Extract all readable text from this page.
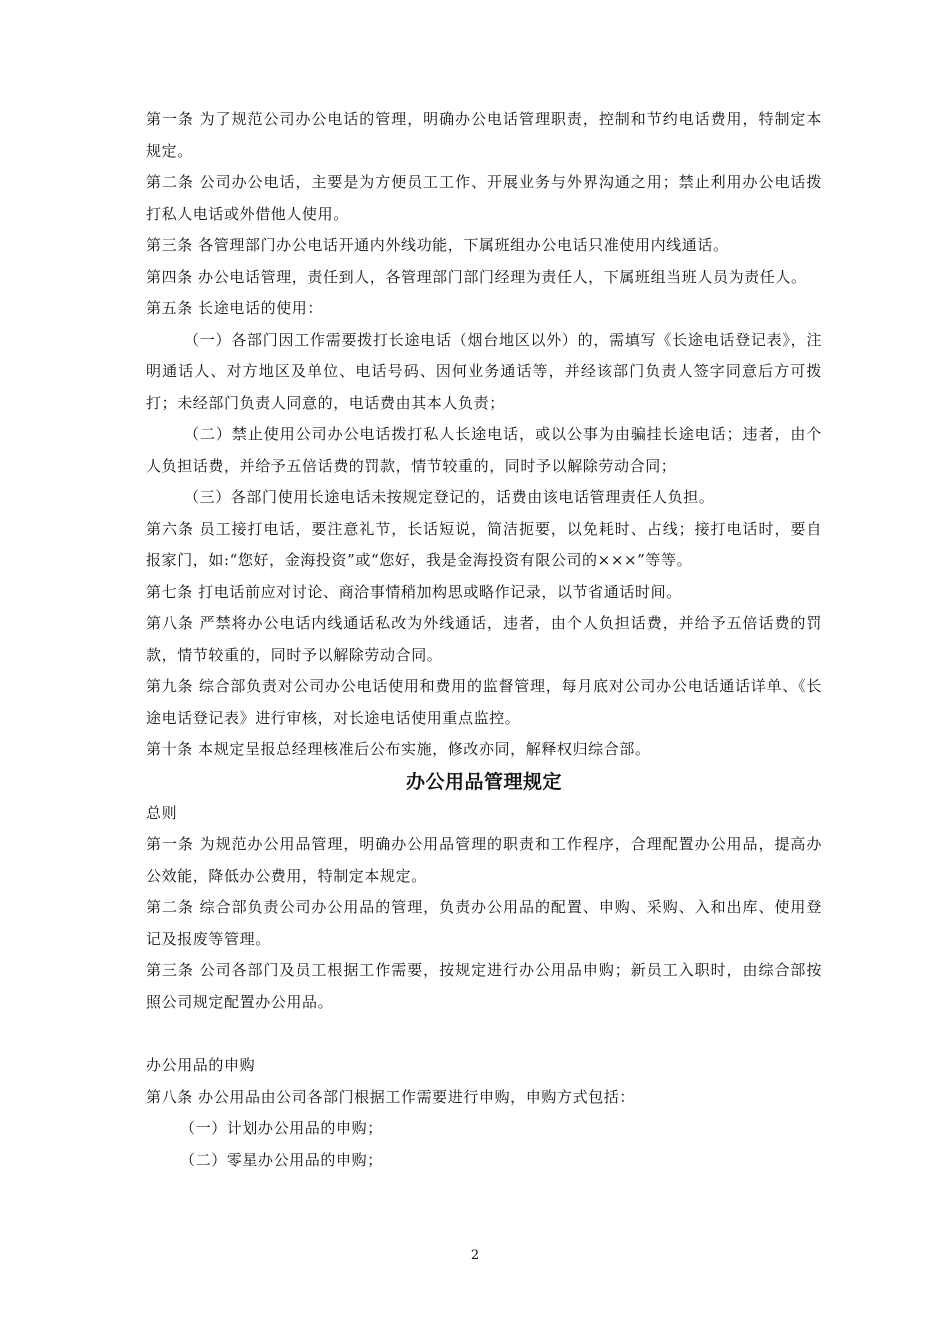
第一条 为了规范公司办公电话的管理，明确办公电话管理职责，控制和节约电话费用，特制定本规定。

第二条 公司办公电话，主要是为方便员工工作、开展业务与外界沟通之用；禁止利用办公电话拨打私人电话或外借他人使用。

第三条 各管理部门办公电话开通内外线功能，下属班组办公电话只准使用内线通话。

第四条 办公电话管理，责任到人，各管理部门部门经理为责任人，下属班组当班人员为责任人。

第五条 长途电话的使用：

（一）各部门因工作需要拨打长途电话（烟台地区以外）的，需填写《长途电话登记表》，注明通话人、对方地区及单位、电话号码、因何业务通话等，并经该部门负责人签字同意后方可拨打；未经部门负责人同意的，电话费由其本人负责；

（二）禁止使用公司办公电话拨打私人长途电话，或以公事为由骗挂长途电话；违者，由个人负担话费，并给予五倍话费的罚款，情节较重的，同时予以解除劳动合同；

（三）各部门使用长途电话未按规定登记的，话费由该电话管理责任人负担。

第六条 员工接打电话，要注意礼节，长话短说，简洁扼要，以免耗时、占线；接打电话时，要自报家门，如:“您好，金海投资”或“您好，我是金海投资有限公司的×××”等等。

第七条 打电话前应对讨论、商洽事情稍加构思或略作记录，以节省通话时间。

第八条 严禁将办公电话内线通话私改为外线通话，违者，由个人负担话费，并给予五倍话费的罚款，情节较重的，同时予以解除劳动合同。

第九条 综合部负责对公司办公电话使用和费用的监督管理，每月底对公司办公电话通话详单、《长途电话登记表》进行审核，对长途电话使用重点监控。

第十条 本规定呈报总经理核准后公布实施，修改亦同，解释权归综合部。

办公用品管理规定

总则

第一条 为规范办公用品管理，明确办公用品管理的职责和工作程序，合理配置办公用品，提高办公效能，降低办公费用，特制定本规定。

第二条 综合部负责公司办公用品的管理，负责办公用品的配置、申购、采购、入和出库、使用登记及报废等管理。

第三条 公司各部门及员工根据工作需要，按规定进行办公用品申购；新员工入职时，由综合部按照公司规定配置办公用品。

办公用品的申购

第八条 办公用品由公司各部门根据工作需要进行申购，申购方式包括：

（一）计划办公用品的申购；

（二）零星办公用品的申购；

2
